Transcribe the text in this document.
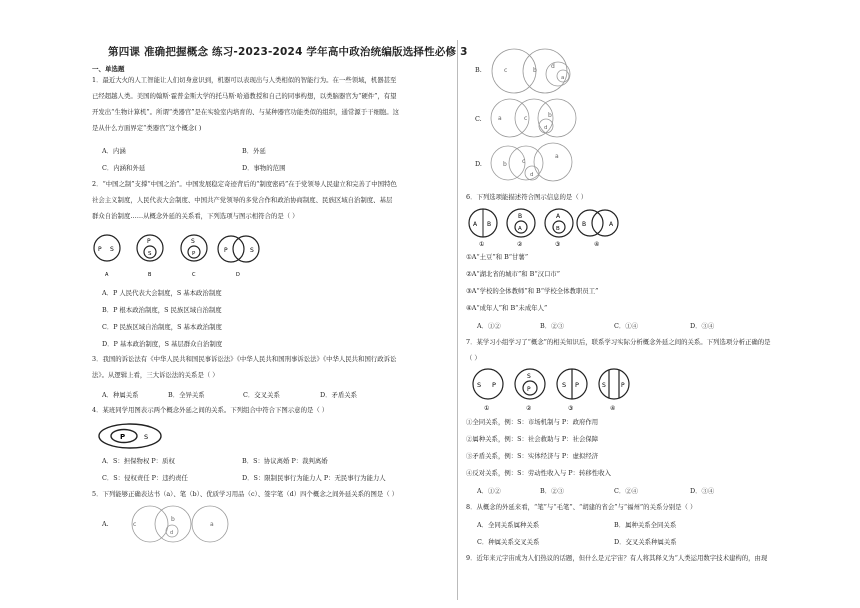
第四课 准确把握概念 练习-2023-2024 学年高中政治统编版选择性必修 3
一、单选题
1．最近大火的人工智能让人们切身意识到，机器可以表现出与人类相似的智能行为。在一些领域，机器甚至
已经超越人类。美国的翰斯·霍普金斯大学的托马斯·哈通教授和自己的同事构想，以类脑器官为“硬件”，有望
开发出“生物计算机”。所谓“类器官”是在实验室内培育的、与某种器官功能类似的组织，通常源于干细胞。这
是从什么方面界定“类器官”这个概念( )
A．内涵	B．外延
C．内涵和外延	D．事物的范围
2．“中国之制”支撑“中国之治”。中国发展稳定奇迹背后的“制度密码”在于党领导人民建立和完善了中国特色
社会主义制度，人民代表大会制度、中国共产党领导的多党合作和政治协商制度、民族区域自治制度、基层
群众自治制度……从概念外延的关系看，下列选项与图示相符合的是（ ）
P S
A
P
S
B
S
P
C
P	S
D
A．P 人民代表大会制度，S 基本政治制度
B．P 根本政治制度，S 民族区域自治制度
C．P 民族区域自治制度，S 基本政治制度
D．P 基本政治制度，S 基层群众自治制度
3．我国的诉讼法有《中华人民共和国民事诉讼法》《中华人民共和国刑事诉讼法》《中华人民共和国行政诉讼
法》。从逻辑上看，三大诉讼法的关系是（ ）
A．种属关系	B．全异关系	C．交叉关系	D．矛盾关系
4．某班同学用图表示两个概念外延之间的关系。下列组合中符合下图示意的是（ ）
P	S
A．S：担保物权 P：质权	B．S：协议离婚 P：裁判离婚
C．S：侵权责任 P：违约责任	D．S：限制民事行为能力人 P：无民事行为能力人
5．下列能够正确表达书（a）、笔（b）、优质学习用品（c）、签字笔（d）四个概念之间外延关系的图是（ ）
A.	c
b
a
d
B.	c	b
d
a
C.	a	c	b
d
D.	b	c
a
d
6．下列选项能描述符合图示信息的是（ ）
A B
①
B
A
②
A
B
③
B	A
④
①A“土豆”和 B“甘薯”
②A“湖北省的城市”和 B“汉口市”
③A“学校的全体教师”和 B“学校全体教职员工”
④A“成年人”和 B“未成年人”
A．①②	B．②③	C．①④	D．③④
7．某学习小组学习了“概念”的相关知识后，联系学习实际分析概念外延之间的关系。下列选项分析正确的是
（ ）
S P
①
S
P
②
S P
③
S	P
④
①全同关系，例：S：市场机制与 P：政府作用
②属种关系，例：S：社会救助与 P：社会保障
③矛盾关系，例：S：实体经济与 P：虚拟经济
④反对关系，例：S：劳动性收入与 P：转移性收入
A．①②	B．②③	C．②④	D．③④
8．从概念的外延来看，“笔”与“毛笔”、“胡建的省会”与“福州”的关系分别是（ ）
A．全同关系属种关系	B．属种关系全同关系
C．种属关系交叉关系	D．交叉关系种属关系
9．近年来元宇宙成为人们热议的话题，但什么是元宇宙？有人将其释义为“人类运用数字技术建构的，由现
